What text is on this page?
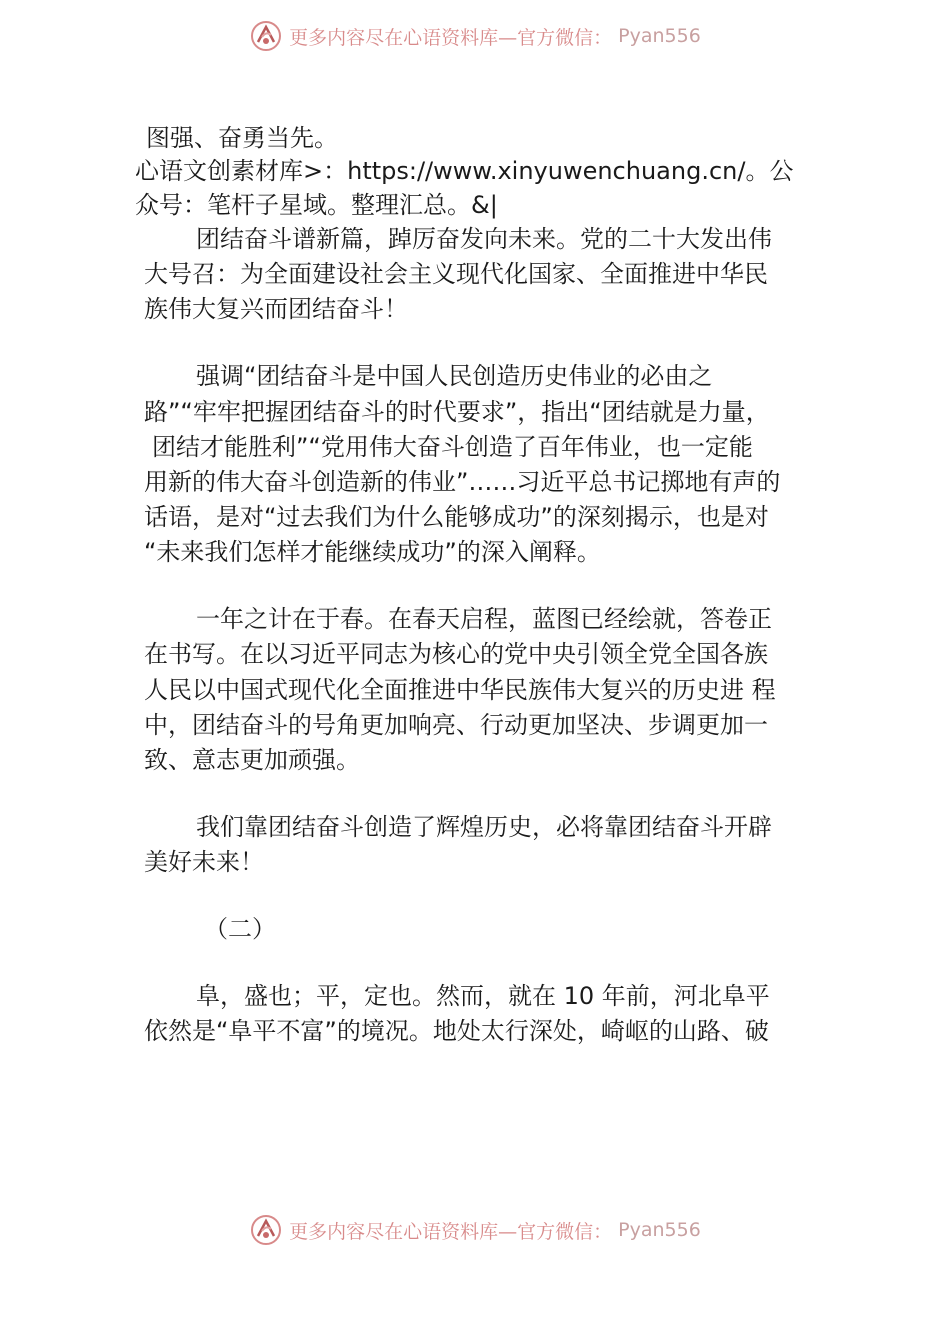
更多内容尽在心语资料库—官方微信： Pyan556
图强、奋勇当先。
心语文创素材库>：https://www.xinyuwenchuang.cn/。公
众号：笔杆子星域。整理汇总。&|
团结奋斗谱新篇，踔厉奋发向未来。党的二十大发出伟
大号召：为全面建设社会主义现代化国家、全面推进中华民
族伟大复兴而团结奋斗！
强调“团结奋斗是中国人民创造历史伟业的必由之
路”“牢牢把握团结奋斗的时代要求”，指出“团结就是力量，
团结才能胜利”“党用伟大奋斗创造了百年伟业，也一定能
用新的伟大奋斗创造新的伟业”……习近平总书记掷地有声的
话语，是对“过去我们为什么能够成功”的深刻揭示，也是对
“未来我们怎样才能继续成功”的深入阐释。
一年之计在于春。在春天启程，蓝图已经绘就，答卷正
在书写。在以习近平同志为核心的党中央引领全党全国各族
人民以中国式现代化全面推进中华民族伟大复兴的历史进 程
中，团结奋斗的号角更加响亮、行动更加坚决、步调更加一
致、意志更加顽强。
我们靠团结奋斗创造了辉煌历史，必将靠团结奋斗开辟
美好未来！
（二）
阜，盛也；平，定也。然而，就在 10 年前，河北阜平
依然是“阜平不富”的境况。地处太行深处，崎岖的山路、破
更多内容尽在心语资料库—官方微信： Pyan556
